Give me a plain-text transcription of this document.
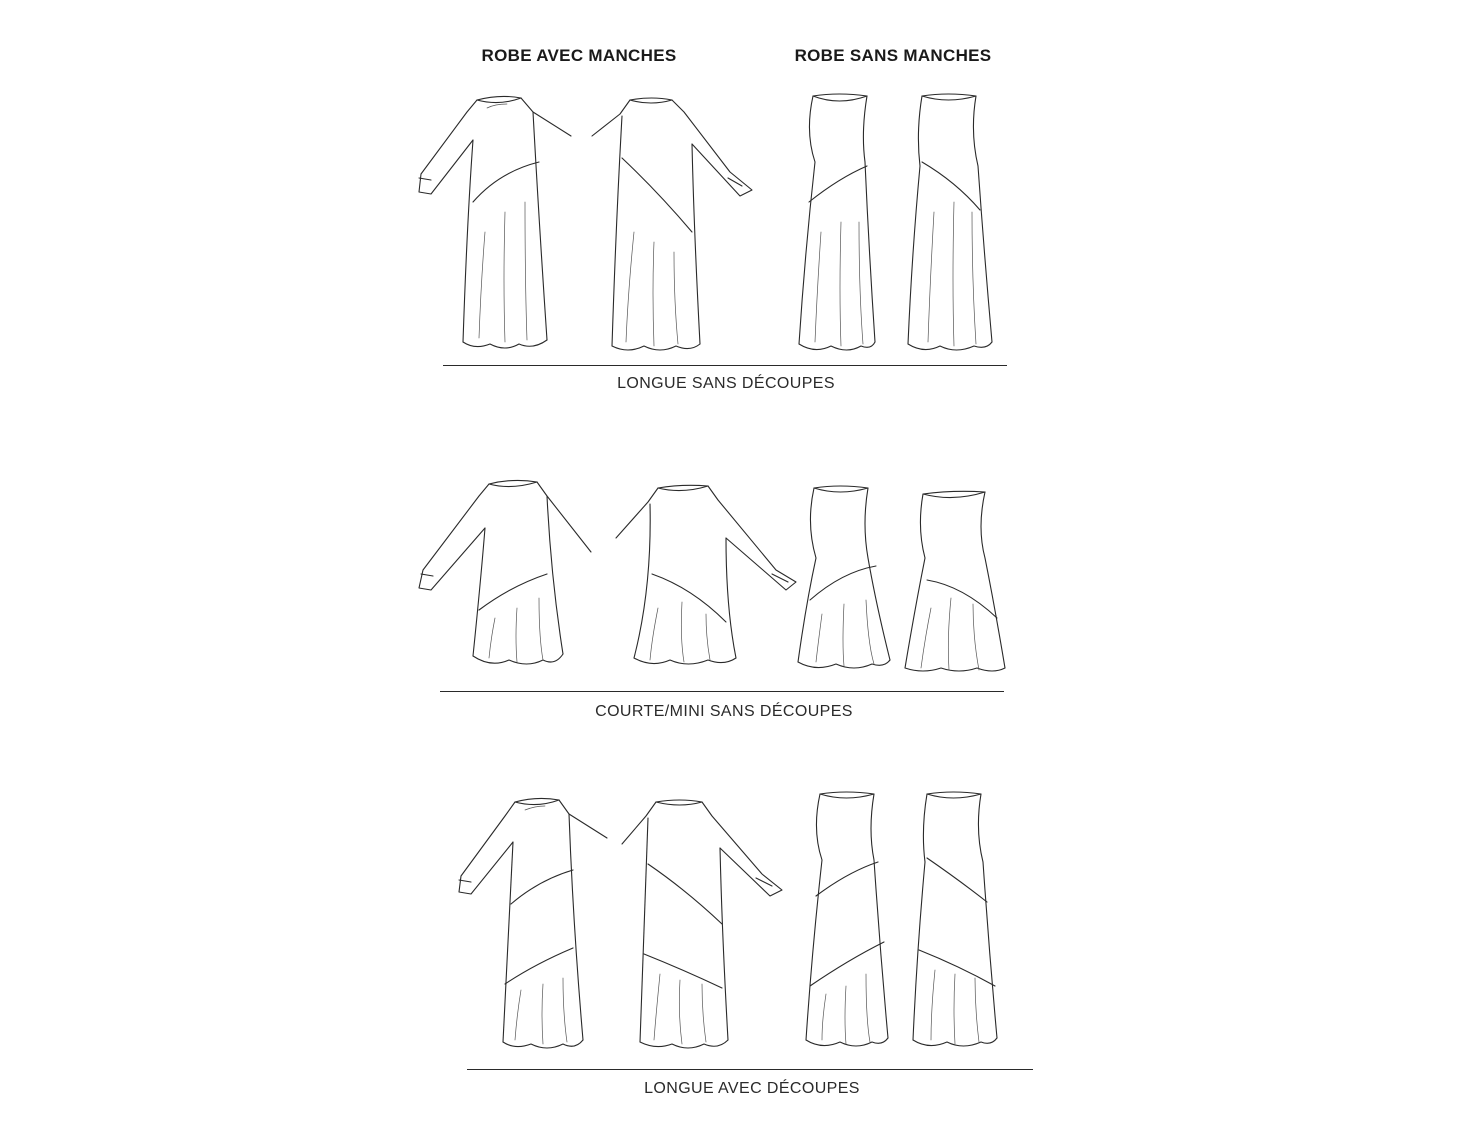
ROBE AVEC MANCHES	ROBE SANS MANCHES
LONGUE SANS DÉCOUPES
COURTE/MINI SANS DÉCOUPES
LONGUE AVEC DÉCOUPES
